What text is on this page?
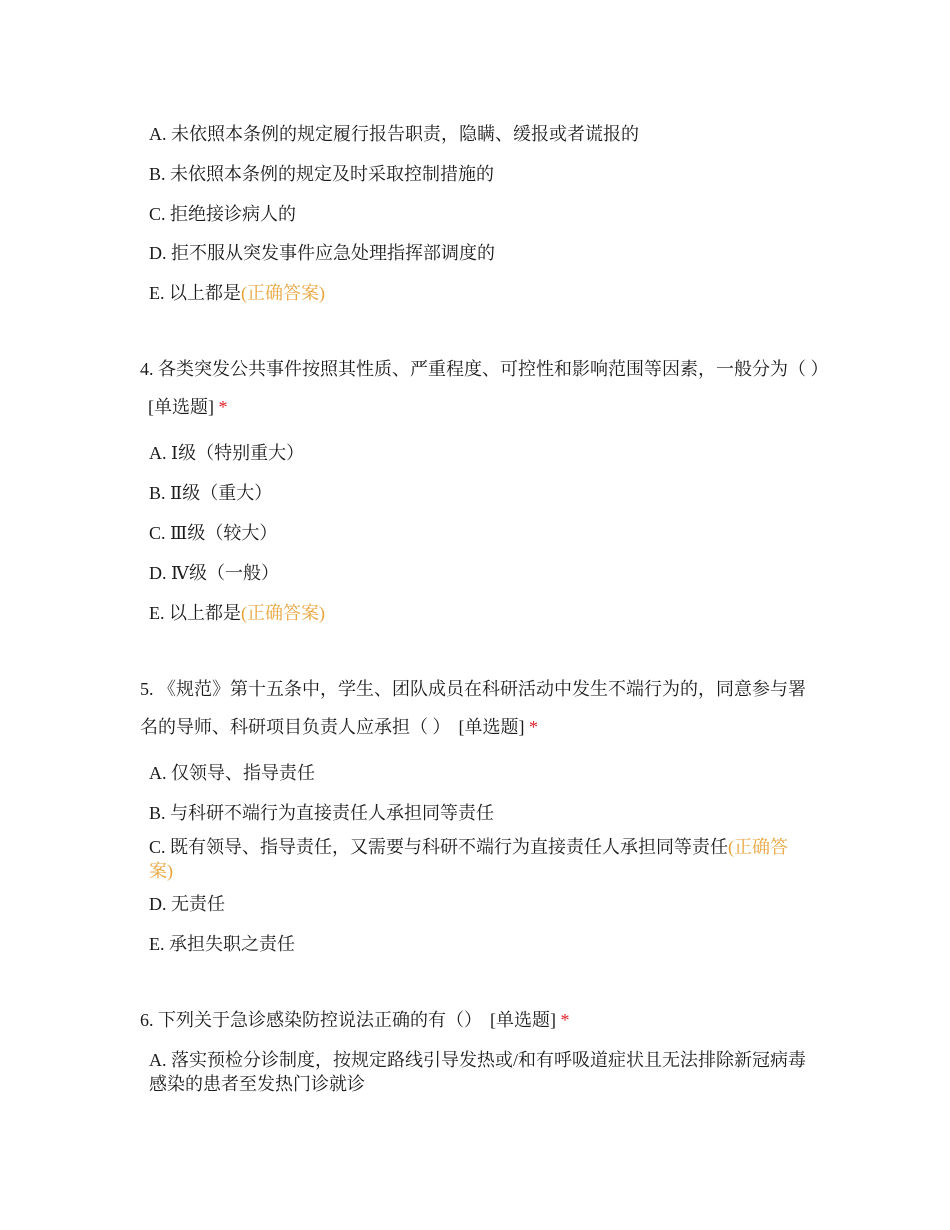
A. 未依照本条例的规定履行报告职责，隐瞒、缓报或者谎报的
B. 未依照本条例的规定及时采取控制措施的
C. 拒绝接诊病人的
D. 拒不服从突发事件应急处理指挥部调度的
E. 以上都是(正确答案)
4. 各类突发公共事件按照其性质、严重程度、可控性和影响范围等因素，一般分为（ ）[单选题] *
A. Ⅰ级（特别重大）
B. Ⅱ级（重大）
C. Ⅲ级（较大）
D. Ⅳ级（一般）
E. 以上都是(正确答案)
5. 《规范》第十五条中，学生、团队成员在科研活动中发生不端行为的，同意参与署名的导师、科研项目负责人应承担（ ） [单选题] *
A. 仅领导、指导责任
B. 与科研不端行为直接责任人承担同等责任
C. 既有领导、指导责任，又需要与科研不端行为直接责任人承担同等责任(正确答案)
D. 无责任
E. 承担失职之责任
6. 下列关于急诊感染防控说法正确的有（） [单选题] *
A. 落实预检分诊制度，按规定路线引导发热或/和有呼吸道症状且无法排除新冠病毒感染的患者至发热门诊就诊
